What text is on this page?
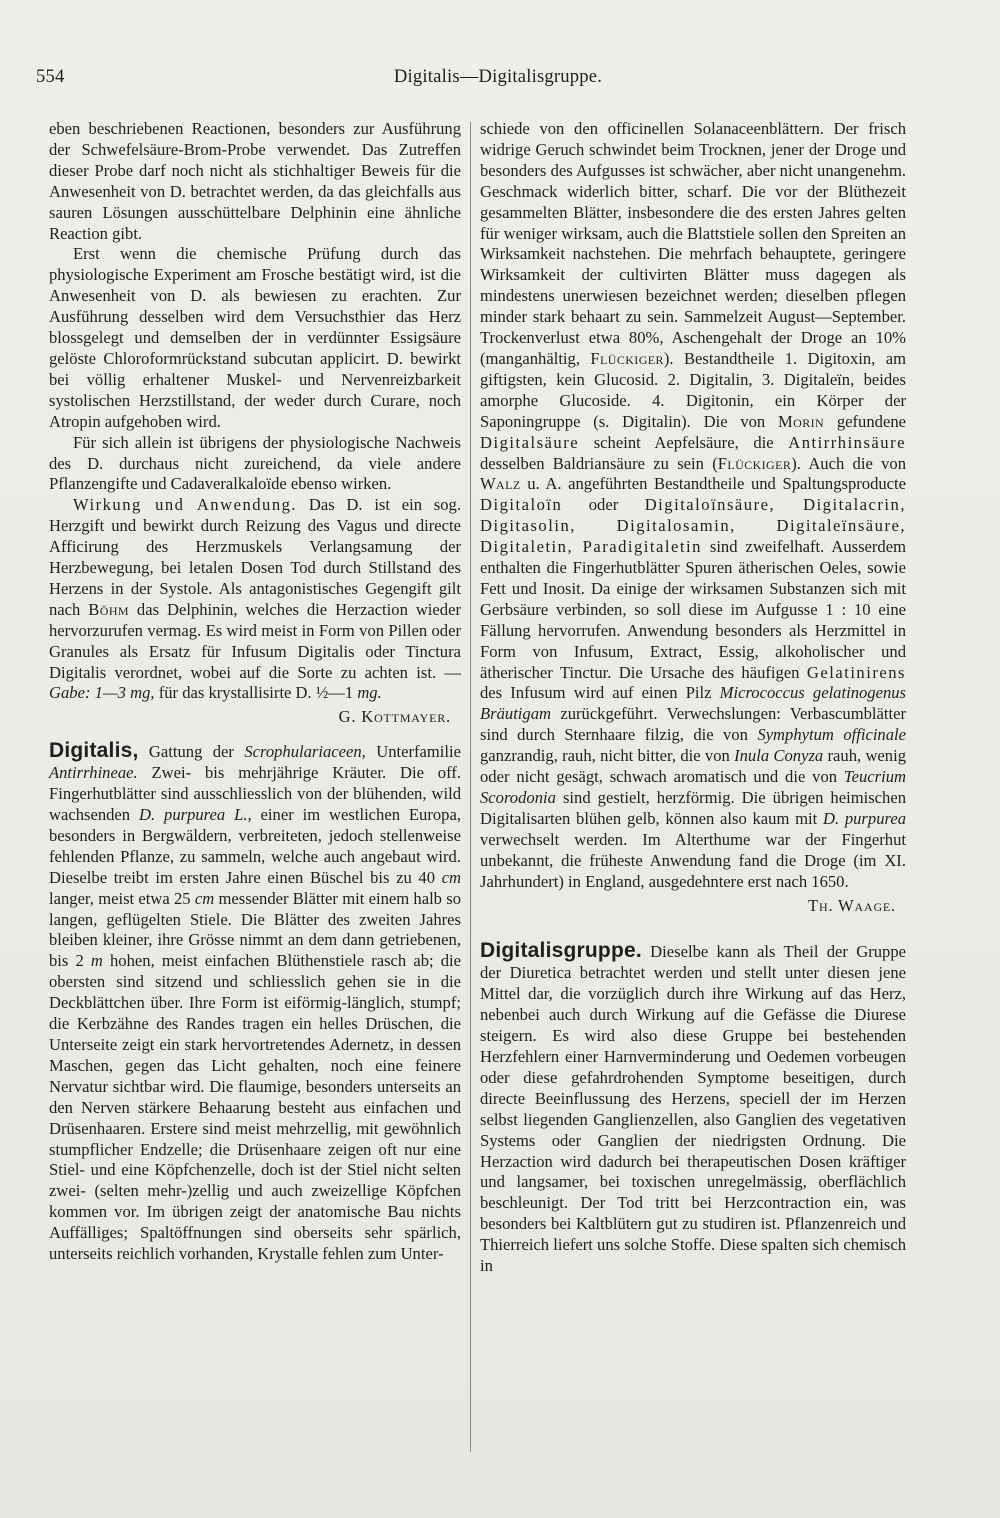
554	Digitalis—Digitalisgruppe.

eben beschriebenen Reactionen, besonders zur Ausführung der Schwefelsäure-Brom-Probe verwendet. Das Zutreffen dieser Probe darf noch nicht als stichhaltiger Beweis für die Anwesenheit von D. betrachtet werden, da das gleichfalls aus sauren Lösungen ausschüttelbare Delphinin eine ähnliche Reaction gibt.

Erst wenn die chemische Prüfung durch das physiologische Experiment am Frosche bestätigt wird, ist die Anwesenheit von D. als bewiesen zu erachten. Zur Ausführung desselben wird dem Versuchsthier das Herz blossgelegt und demselben der in verdünnter Essigsäure gelöste Chloroformrückstand subcutan applicirt. D. bewirkt bei völlig erhaltener Muskel- und Nervenreizbarkeit systolischen Herzstillstand, der weder durch Curare, noch Atropin aufgehoben wird.

Für sich allein ist übrigens der physiologische Nachweis des D. durchaus nicht zureichend, da viele andere Pflanzengifte und Cadaveralkaloïde ebenso wirken.

Wirkung und Anwendung. Das D. ist ein sog. Herzgift und bewirkt durch Reizung des Vagus und directe Afficirung des Herzmuskels Verlangsamung der Herzbewegung, bei letalen Dosen Tod durch Stillstand des Herzens in der Systole. Als antagonistisches Gegengift gilt nach Böhm das Delphinin, welches die Herzaction wieder hervorzurufen vermag. Es wird meist in Form von Pillen oder Granules als Ersatz für Infusum Digitalis oder Tinctura Digitalis verordnet, wobei auf die Sorte zu achten ist. — Gabe: 1—3 mg, für das krystallisirte D. ½—1 mg.

G. Kottmayer.

Digitalis, Gattung der Scrophulariaceen, Unterfamilie Antirrhineae. Zwei- bis mehrjährige Kräuter. Die off. Fingerhutblätter sind ausschliesslich von der blühenden, wild wachsenden D. purpurea L., einer im westlichen Europa, besonders in Bergwäldern, verbreiteten, jedoch stellenweise fehlenden Pflanze, zu sammeln, welche auch angebaut wird. Dieselbe treibt im ersten Jahre einen Büschel bis zu 40 cm langer, meist etwa 25 cm messender Blätter mit einem halb so langen, geflügelten Stiele. Die Blätter des zweiten Jahres bleiben kleiner, ihre Grösse nimmt an dem dann getriebenen, bis 2 m hohen, meist einfachen Blüthenstiele rasch ab; die obersten sind sitzend und schliesslich gehen sie in die Deckblättchen über. Ihre Form ist eiförmig-länglich, stumpf; die Kerbzähne des Randes tragen ein helles Drüschen, die Unterseite zeigt ein stark hervortretendes Adernetz, in dessen Maschen, gegen das Licht gehalten, noch eine feinere Nervatur sichtbar wird. Die flaumige, besonders unterseits an den Nerven stärkere Behaarung besteht aus einfachen und Drüsenhaaren. Erstere sind meist mehrzellig, mit gewöhnlich stumpflicher Endzelle; die Drüsenhaare zeigen oft nur eine Stiel- und eine Köpfchenzelle, doch ist der Stiel nicht selten zwei- (selten mehr-)zellig und auch zweizellige Köpfchen kommen vor. Im übrigen zeigt der anatomische Bau nichts Auffälliges; Spaltöffnungen sind oberseits sehr spärlich, unterseits reichlich vorhanden, Krystalle fehlen zum Unter-

schiede von den officinellen Solanaceenblättern. Der frisch widrige Geruch schwindet beim Trocknen, jener der Droge und besonders des Aufgusses ist schwächer, aber nicht unangenehm. Geschmack widerlich bitter, scharf. Die vor der Blüthezeit gesammelten Blätter, insbesondere die des ersten Jahres gelten für weniger wirksam, auch die Blattstiele sollen den Spreiten an Wirksamkeit nachstehen. Die mehrfach behauptete, geringere Wirksamkeit der cultivirten Blätter muss dagegen als mindestens unerwiesen bezeichnet werden; dieselben pflegen minder stark behaart zu sein. Sammelzeit August—September. Trockenverlust etwa 80%, Aschengehalt der Droge an 10% (manganhältig, Flückiger). Bestandtheile 1. Digitoxin, am giftigsten, kein Glucosid. 2. Digitalin, 3. Digitaleïn, beides amorphe Glucoside. 4. Digitonin, ein Körper der Saponingruppe (s. Digitalin). Die von Morin gefundene Digitalsäure scheint Aepfelsäure, die Antirrhinsäure desselben Baldriansäure zu sein (Flückiger). Auch die von Walz u. A. angeführten Bestandtheile und Spaltungsproducte Digitaloïn oder Digitaloïnsäure, Digitalacrin, Digitasolin, Digitalosamin, Digitaleïnsäure, Digitaletin, Paradigitaletin sind zweifelhaft. Ausserdem enthalten die Fingerhutblätter Spuren ätherischen Oeles, sowie Fett und Inosit. Da einige der wirksamen Substanzen sich mit Gerbsäure verbinden, so soll diese im Aufgusse 1 : 10 eine Fällung hervorrufen. Anwendung besonders als Herzmittel in Form von Infusum, Extract, Essig, alkoholischer und ätherischer Tinctur. Die Ursache des häufigen Gelatinirens des Infusum wird auf einen Pilz Micrococcus gelatinogenus Bräutigam zurückgeführt. Verwechslungen: Verbascumblätter sind durch Sternhaare filzig, die von Symphytum officinale ganzrandig, rauh, nicht bitter, die von Inula Conyza rauh, wenig oder nicht gesägt, schwach aromatisch und die von Teucrium Scorodonia sind gestielt, herzförmig. Die übrigen heimischen Digitalisarten blühen gelb, können also kaum mit D. purpurea verwechselt werden. Im Alterthume war der Fingerhut unbekannt, die früheste Anwendung fand die Droge (im XI. Jahrhundert) in England, ausgedehntere erst nach 1650.

Th. Waage.

Digitalisgruppe. Dieselbe kann als Theil der Gruppe der Diuretica betrachtet werden und stellt unter diesen jene Mittel dar, die vorzüglich durch ihre Wirkung auf das Herz, nebenbei auch durch Wirkung auf die Gefässe die Diurese steigern. Es wird also diese Gruppe bei bestehenden Herzfehlern einer Harnverminderung und Oedemen vorbeugen oder diese gefahrdrohenden Symptome beseitigen, durch directe Beeinflussung des Herzens, speciell der im Herzen selbst liegenden Ganglienzellen, also Ganglien des vegetativen Systems oder Ganglien der niedrigsten Ordnung. Die Herzaction wird dadurch bei therapeutischen Dosen kräftiger und langsamer, bei toxischen unregelmässig, oberflächlich beschleunigt. Der Tod tritt bei Herzcontraction ein, was besonders bei Kaltblütern gut zu studiren ist. Pflanzenreich und Thierreich liefert uns solche Stoffe. Diese spalten sich chemisch in
